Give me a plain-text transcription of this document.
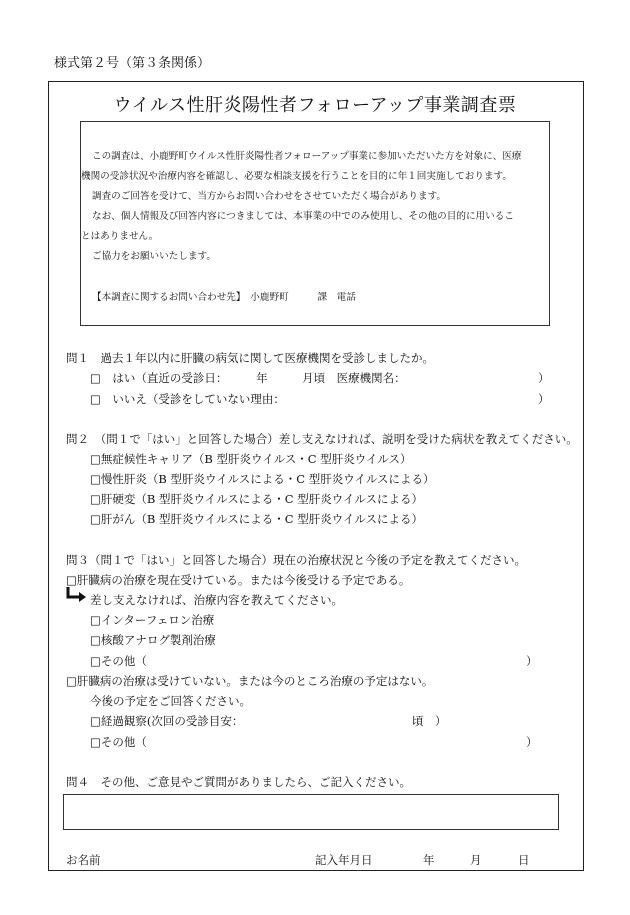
様式第２号（第３条関係）
ウイルス性肝炎陽性者フォローアップ事業調査票
この調査は、小鹿野町ウイルス性肝炎陽性者フォローアップ事業に参加いただいた方を対象に、医療
機関の受診状況や治療内容を確認し、必要な相談支援を行うことを目的に年１回実施しております。
調査のご回答を受けて、当方からお問い合わせをさせていただく場合があります。
なお、個人情報及び回答内容につきましては、本事業の中でのみ使用し、その他の目的に用いるこ
とはありません。
ご協力をお願いいたします。
【本調査に関するお問い合わせ先】　小鹿野町　　　課　電話
問１　過去１年以内に肝臓の病気に関して医療機関を受診しましたか。
□　はい（直近の受診日：　　　年　　　月頃　医療機関名：	）
□　いいえ（受診をしていない理由：	）
問２　（問１で「はい」と回答した場合）差し支えなければ、説明を受けた病状を教えてください。
□無症候性キャリア（B 型肝炎ウイルス・C 型肝炎ウイルス）
□慢性肝炎（B 型肝炎ウイルスによる・C 型肝炎ウイルスによる）
□肝硬変（B 型肝炎ウイルスによる・C 型肝炎ウイルスによる）
□肝がん（B 型肝炎ウイルスによる・C 型肝炎ウイルスによる）
問３（問１で「はい」と回答した場合）現在の治療状況と今後の予定を教えてください。
□肝臓病の治療を現在受けている。または今後受ける予定である。
差し支えなければ、治療内容を教えてください。
□インターフェロン治療
□核酸アナログ製剤治療
□その他（	）
□肝臓病の治療は受けていない。または今のところ治療の予定はない。
今後の予定をご回答ください。
□経過観察(次回の受診目安：	頃　）
□その他（	）
問４　その他、ご意見やご質問がありましたら、ご記入ください。
お名前	記入年月日	年	月	日
